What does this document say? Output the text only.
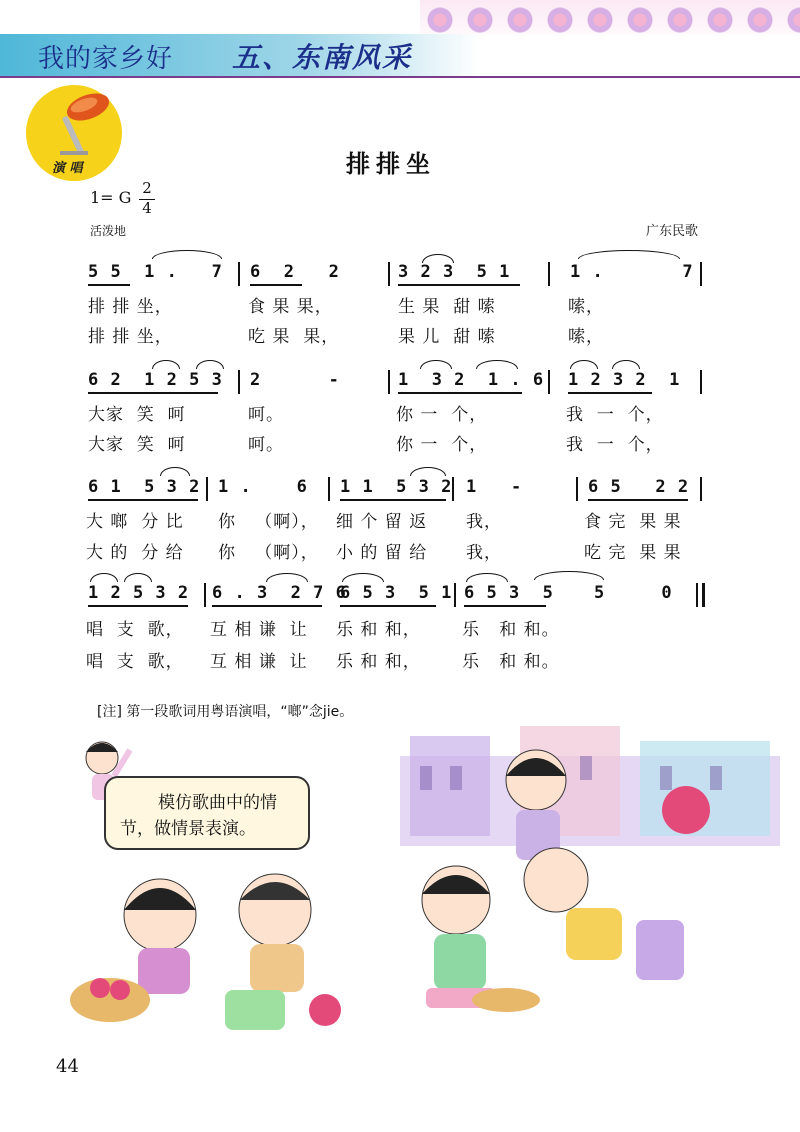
我的家乡好 五、东南风采
演 唱	排排坐
1= G 2
4
活泼地	广东民歌
5 5  1 .   7 6  2   2	3 2 3  5 1	1 .       7
排 排 坐，	食 果 果，	生 果  甜 嗦	嗦，
排 排 坐，	吃 果  果，	果 儿  甜 嗦	嗦，
6 2  1 2 5 3 2      -	1  3 2  1 . 6 1 2 3 2  1
大家  笑  呵	呵。	你 一  个，	我  一  个，
大家  笑  呵	呵。	你 一  个，	我  一  个，
6 1  5 3 2 1 .    6 1 1  5 3 2 1   -	6 5   2 2
大 啷  分 比 你   （啊）， 细 个 留 返 我，	食 完  果 果
大 的  分 给 你   （啊）， 小 的 留 给 我，	吃 完  果 果
1 2 5 3 2 6 . 3  2 7 6
6 5 3  5 1 6 5 3  5 5     0
唱  支  歌， 互 相 谦  让 乐 和 和， 乐   和 和。
唱  支  歌， 互 相 谦  让 乐 和 和， 乐   和 和。
[注] 第一段歌词用粤语演唱，“啷”念jie。
模仿歌曲中的情
节，做情景表演。
44
